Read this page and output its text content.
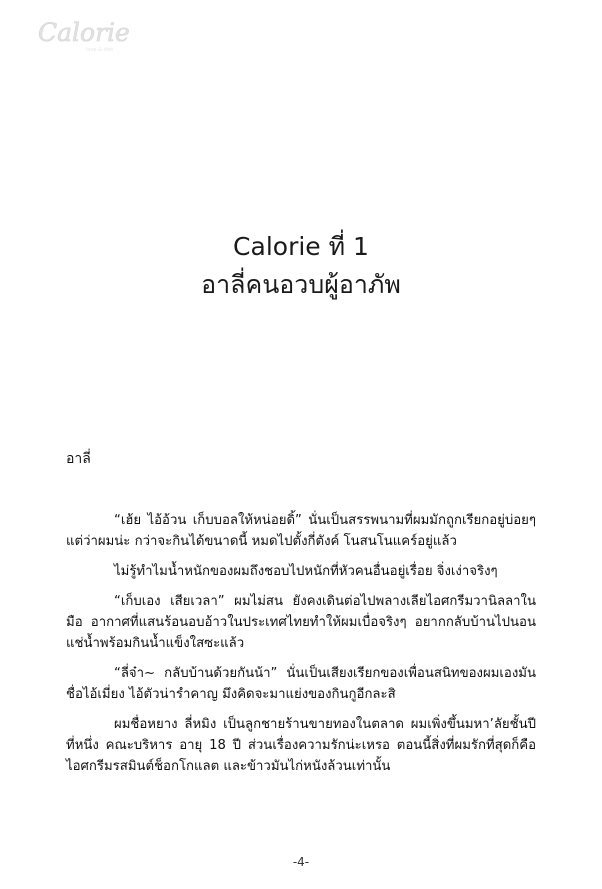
Calorie
love & diet
Calorie ที่ 1
อาลี่คนอวบผู้อาภัพ
อาลี่

“เฮ้ย ไอ้อ้วน เก็บบอลให้หน่อยดิ้” นั่นเป็นสรรพนามที่ผมมักถูกเรียกอยู่บ่อยๆ แต่ว่าผมน่ะ กว่าจะกินได้ขนาดนี้ หมดไปตั้งกี่ตังค์ โนสนโนแคร์อยู่แล้ว

ไม่รู้ทำไมน้ำหนักของผมถึงชอบไปหนักที่หัวคนอื่นอยู่เรื่อย จิ่งเง่าจริงๆ

“เก็บเอง เสียเวลา” ผมไม่สน ยังคงเดินต่อไปพลางเลียไอศกรีมวานิลลาในมือ อากาศที่แสนร้อนอบอ้าวในประเทศไทยทำให้ผมเบื่อจริงๆ อยากกลับบ้านไปนอนแช่น้ำพร้อมกินน้ำแข็งใสซะแล้ว

“ลี่จ๋า~ กลับบ้านด้วยกันน้า” นั่นเป็นเสียงเรียกของเพื่อนสนิทของผมเองมันชื่อไอ้เมี่ยง ไอ้ตัวน่ารำคาญ มึงคิดจะมาแย่งของกินกูอีกละสิ

ผมชื่อหยาง ลี่หมิง เป็นลูกชายร้านขายทองในตลาด ผมเพิ่งขึ้นมหา’ลัยชั้นปีที่หนึ่ง คณะบริหาร อายุ 18 ปี ส่วนเรื่องความรักน่ะเหรอ ตอนนี้สิ่งที่ผมรักที่สุดก็คือไอศกรีมรสมินต์ช็อกโกแลต และข้าวมันไก่หนังล้วนเท่านั้น

-4-
